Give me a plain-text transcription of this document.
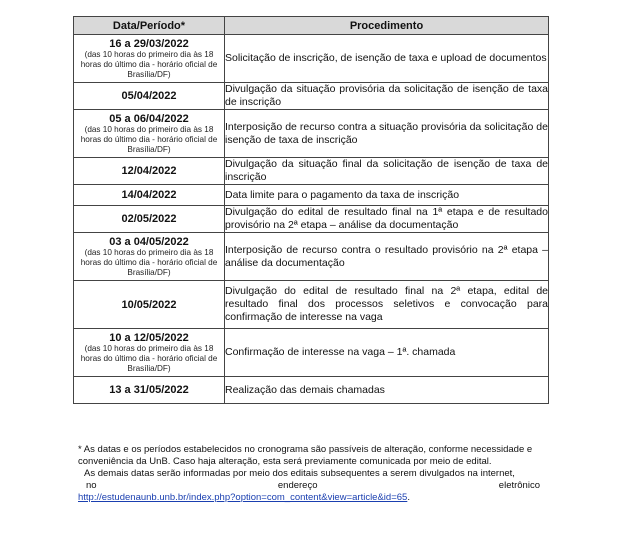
Data/Período*	Procedimento

16 a 29/03/2022
(das 10 horas do primeiro dia às 18 horas do último dia - horário oficial de Brasília/DF)	Solicitação de inscrição, de isenção de taxa e upload de documentos

05/04/2022	Divulgação da situação provisória da solicitação de isenção de taxa de inscrição

05 a 06/04/2022
(das 10 horas do primeiro dia às 18 horas do último dia - horário oficial de Brasília/DF)	Interposição de recurso contra a situação provisória da solicitação de isenção de taxa de inscrição

12/04/2022	Divulgação da situação final da solicitação de isenção de taxa de inscrição

14/04/2022	Data limite para o pagamento da taxa de inscrição

02/05/2022	Divulgação do edital de resultado final na 1ª etapa e de resultado provisório na 2ª etapa – análise da documentação

03 a 04/05/2022
(das 10 horas do primeiro dia às 18 horas do último dia - horário oficial de Brasília/DF)	Interposição de recurso contra o resultado provisório na 2ª etapa – análise da documentação

10/05/2022	Divulgação do edital de resultado final na 2ª etapa, edital de resultado final dos processos seletivos e convocação para confirmação de interesse na vaga

10 a 12/05/2022
(das 10 horas do primeiro dia às 18 horas do último dia - horário oficial de Brasília/DF)	Confirmação de interesse na vaga – 1ª. chamada

13 a 31/05/2022	Realização das demais chamadas

* As datas e os períodos estabelecidos no cronograma são passíveis de alteração, conforme necessidade e conveniência da UnB. Caso haja alteração, esta será previamente comunicada por meio de edital.

As demais datas serão informadas por meio dos editais subsequentes a serem divulgados na internet,

no	endereço	eletrônico

http://estudenaunb.unb.br/index.php?option=com_content&view=article&id=65.
